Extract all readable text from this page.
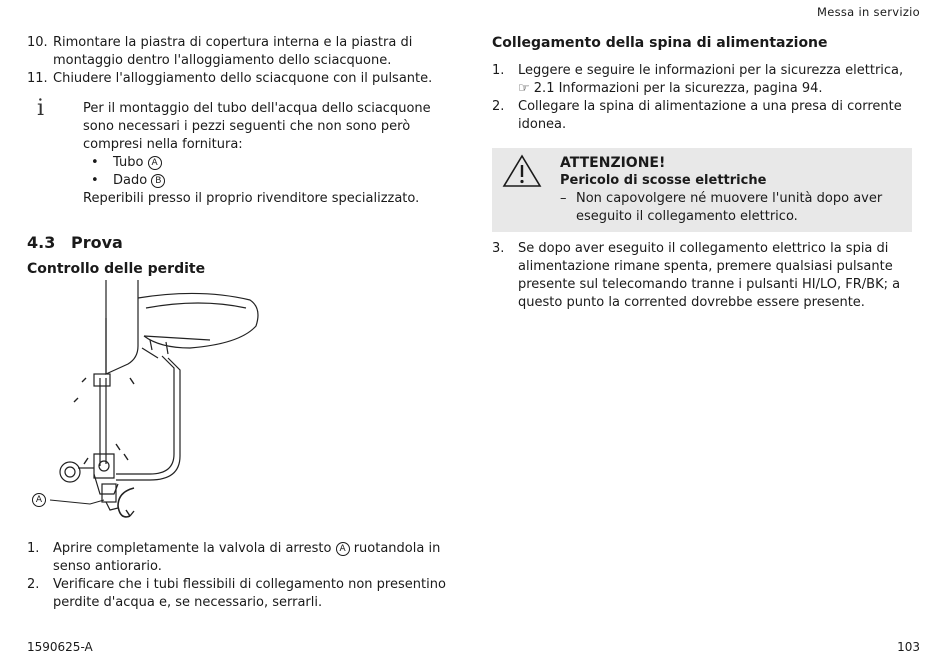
Messa in servizio
10. Rimontare la piastra di copertura interna e la piastra di montaggio dentro l'alloggiamento dello sciacquone.
11. Chiudere l'alloggiamento dello sciacquone con il pulsante.
i	Per il montaggio del tubo dell'acqua dello sciacquone sono necessari i pezzi seguenti che non sono però compresi nella fornitura:
•	Tubo A
•	Dado B
Reperibili presso il proprio rivenditore specializzato.
4.3 Prova
Controllo delle perdite
A
1.	Aprire completamente la valvola di arresto A ruotandola in senso antiorario.
2.	Verificare che i tubi flessibili di collegamento non presentino perdite d'acqua e, se necessario, serrarli.
Collegamento della spina di alimentazione
1.	Leggere e seguire le informazioni per la sicurezza elettrica, ☞ 2.1 Informazioni per la sicurezza, pagina 94.
2.	Collegare la spina di alimentazione a una presa di corrente idonea.
ATTENZIONE!
Pericolo di scosse elettriche
– Non capovolgere né muovere l'unità dopo aver eseguito il collegamento elettrico.
3.	Se dopo aver eseguito il collegamento elettrico la spia di alimentazione rimane spenta, premere qualsiasi pulsante presente sul telecomando tranne i pulsanti HI/LO, FR/BK; a questo punto la corrented dovrebbe essere presente.
1590625-A	103
